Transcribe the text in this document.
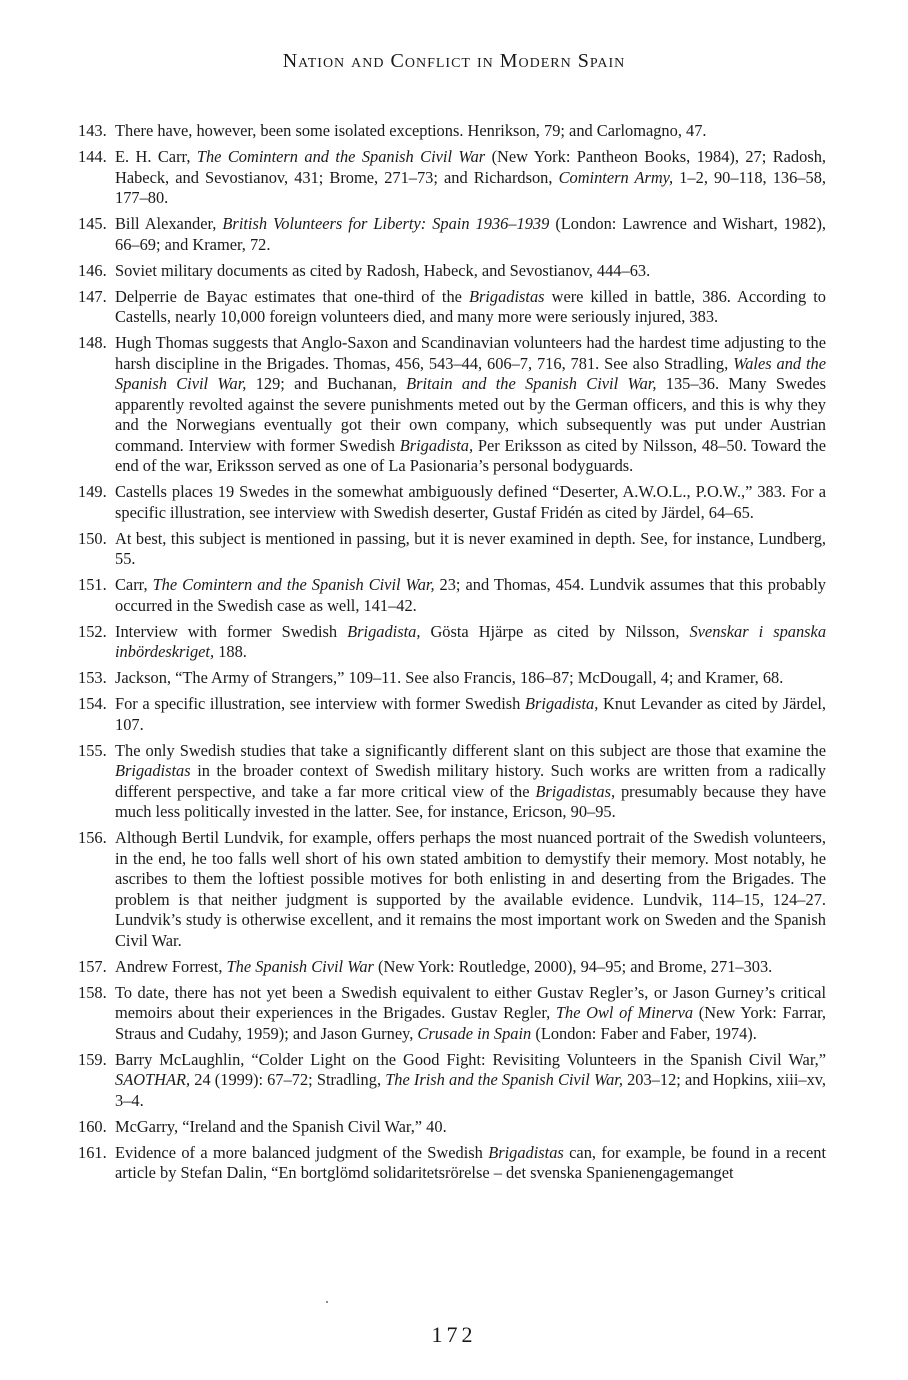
Nation and Conflict in Modern Spain
143. There have, however, been some isolated exceptions. Henrikson, 79; and Carlomagno, 47.
144. E. H. Carr, The Comintern and the Spanish Civil War (New York: Pantheon Books, 1984), 27; Radosh, Habeck, and Sevostianov, 431; Brome, 271–73; and Richardson, Comintern Army, 1–2, 90–118, 136–58, 177–80.
145. Bill Alexander, British Volunteers for Liberty: Spain 1936–1939 (London: Lawrence and Wishart, 1982), 66–69; and Kramer, 72.
146. Soviet military documents as cited by Radosh, Habeck, and Sevostianov, 444–63.
147. Delperrie de Bayac estimates that one-third of the Brigadistas were killed in battle, 386. According to Castells, nearly 10,000 foreign volunteers died, and many more were seriously injured, 383.
148. Hugh Thomas suggests that Anglo-Saxon and Scandinavian volunteers had the hardest time adjusting to the harsh discipline in the Brigades. Thomas, 456, 543–44, 606–7, 716, 781. See also Stradling, Wales and the Spanish Civil War, 129; and Buchanan, Britain and the Spanish Civil War, 135–36. Many Swedes apparently revolted against the severe punishments meted out by the German officers, and this is why they and the Norwegians eventually got their own company, which subsequently was put under Austrian command. Interview with former Swedish Brigadista, Per Eriksson as cited by Nilsson, 48–50. Toward the end of the war, Eriksson served as one of La Pasionaria’s personal bodyguards.
149. Castells places 19 Swedes in the somewhat ambiguously defined “Deserter, A.W.O.L., P.O.W.,” 383. For a specific illustration, see interview with Swedish deserter, Gustaf Fridén as cited by Järdel, 64–65.
150. At best, this subject is mentioned in passing, but it is never examined in depth. See, for instance, Lundberg, 55.
151. Carr, The Comintern and the Spanish Civil War, 23; and Thomas, 454. Lundvik assumes that this probably occurred in the Swedish case as well, 141–42.
152. Interview with former Swedish Brigadista, Gösta Hjärpe as cited by Nilsson, Svenskar i spanska inbördeskriget, 188.
153. Jackson, “The Army of Strangers,” 109–11. See also Francis, 186–87; McDougall, 4; and Kramer, 68.
154. For a specific illustration, see interview with former Swedish Brigadista, Knut Levander as cited by Järdel, 107.
155. The only Swedish studies that take a significantly different slant on this subject are those that examine the Brigadistas in the broader context of Swedish military history. Such works are written from a radically different perspective, and take a far more critical view of the Brigadistas, presumably because they have much less politically invested in the latter. See, for instance, Ericson, 90–95.
156. Although Bertil Lundvik, for example, offers perhaps the most nuanced portrait of the Swedish volunteers, in the end, he too falls well short of his own stated ambition to demystify their memory. Most notably, he ascribes to them the loftiest possible motives for both enlisting in and deserting from the Brigades. The problem is that neither judgment is supported by the available evidence. Lundvik, 114–15, 124–27. Lundvik’s study is otherwise excellent, and it remains the most important work on Sweden and the Spanish Civil War.
157. Andrew Forrest, The Spanish Civil War (New York: Routledge, 2000), 94–95; and Brome, 271–303.
158. To date, there has not yet been a Swedish equivalent to either Gustav Regler’s, or Jason Gurney’s critical memoirs about their experiences in the Brigades. Gustav Regler, The Owl of Minerva (New York: Farrar, Straus and Cudahy, 1959); and Jason Gurney, Crusade in Spain (London: Faber and Faber, 1974).
159. Barry McLaughlin, “Colder Light on the Good Fight: Revisiting Volunteers in the Spanish Civil War,” SAOTHAR, 24 (1999): 67–72; Stradling, The Irish and the Spanish Civil War, 203–12; and Hopkins, xiii–xv, 3–4.
160. McGarry, “Ireland and the Spanish Civil War,” 40.
161. Evidence of a more balanced judgment of the Swedish Brigadistas can, for example, be found in a recent article by Stefan Dalin, “En bortglömd solidaritetsrörelse – det svenska Spanienengagemanget
172
